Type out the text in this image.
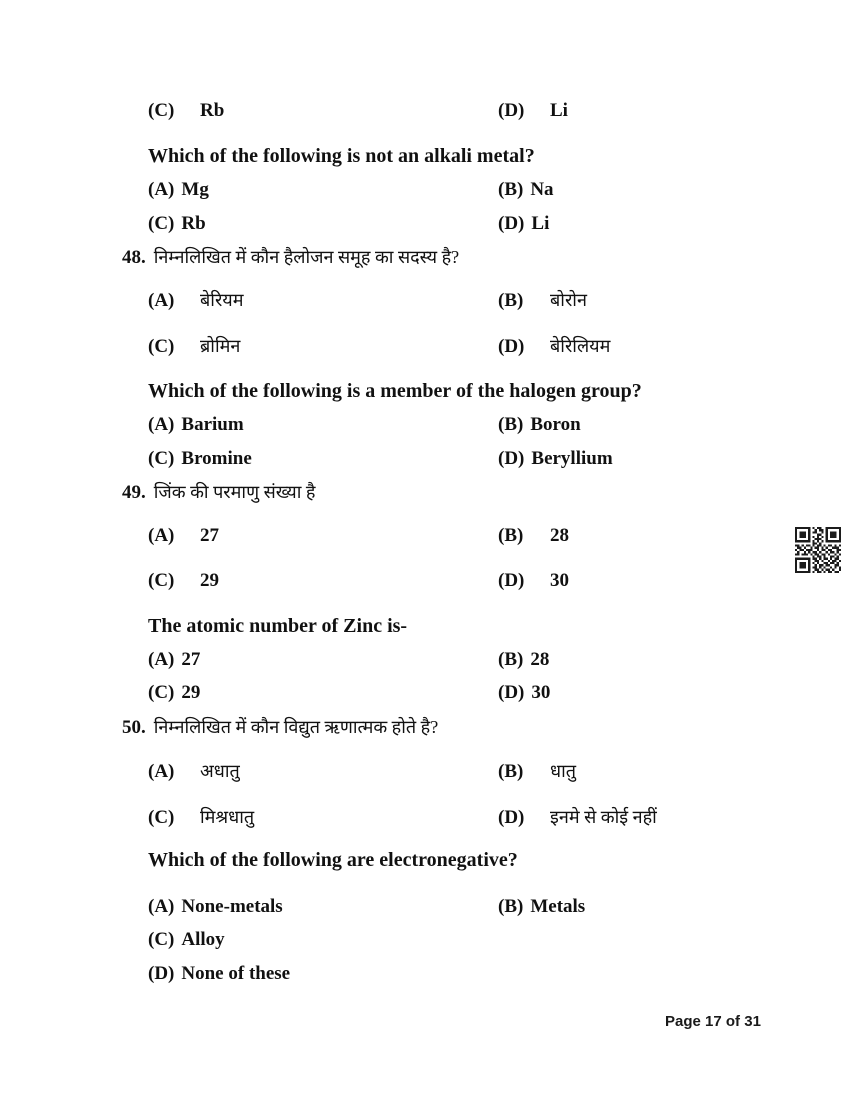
(C) Rb	(D) Li
Which of the following is not an alkali metal?
(A) Mg	(B) Na
(C) Rb	(D) Li
48. निम्नलिखित में कौन हैलोजन समूह का सदस्य है?
(A) बेरियम	(B) बोरोन
(C) ब्रोमिन	(D) बेरिलियम
Which of the following is a member of the halogen group?
(A) Barium	(B) Boron
(C) Bromine	(D) Beryllium
49. जिंक की परमाणु संख्या है
(A) 27	(B) 28
(C) 29	(D) 30
The atomic number of Zinc is-
(A) 27	(B) 28
(C) 29	(D) 30
50. निम्नलिखित में कौन विद्युत ऋणात्मक होते है?
(A) अधातु	(B) धातु
(C) मिश्रधातु	(D) इनमे से कोई नहीं
Which of the following are electronegative?
(A) None-metals	(B) Metals
(C) Alloy
(D) None of these
Page 17 of 31
